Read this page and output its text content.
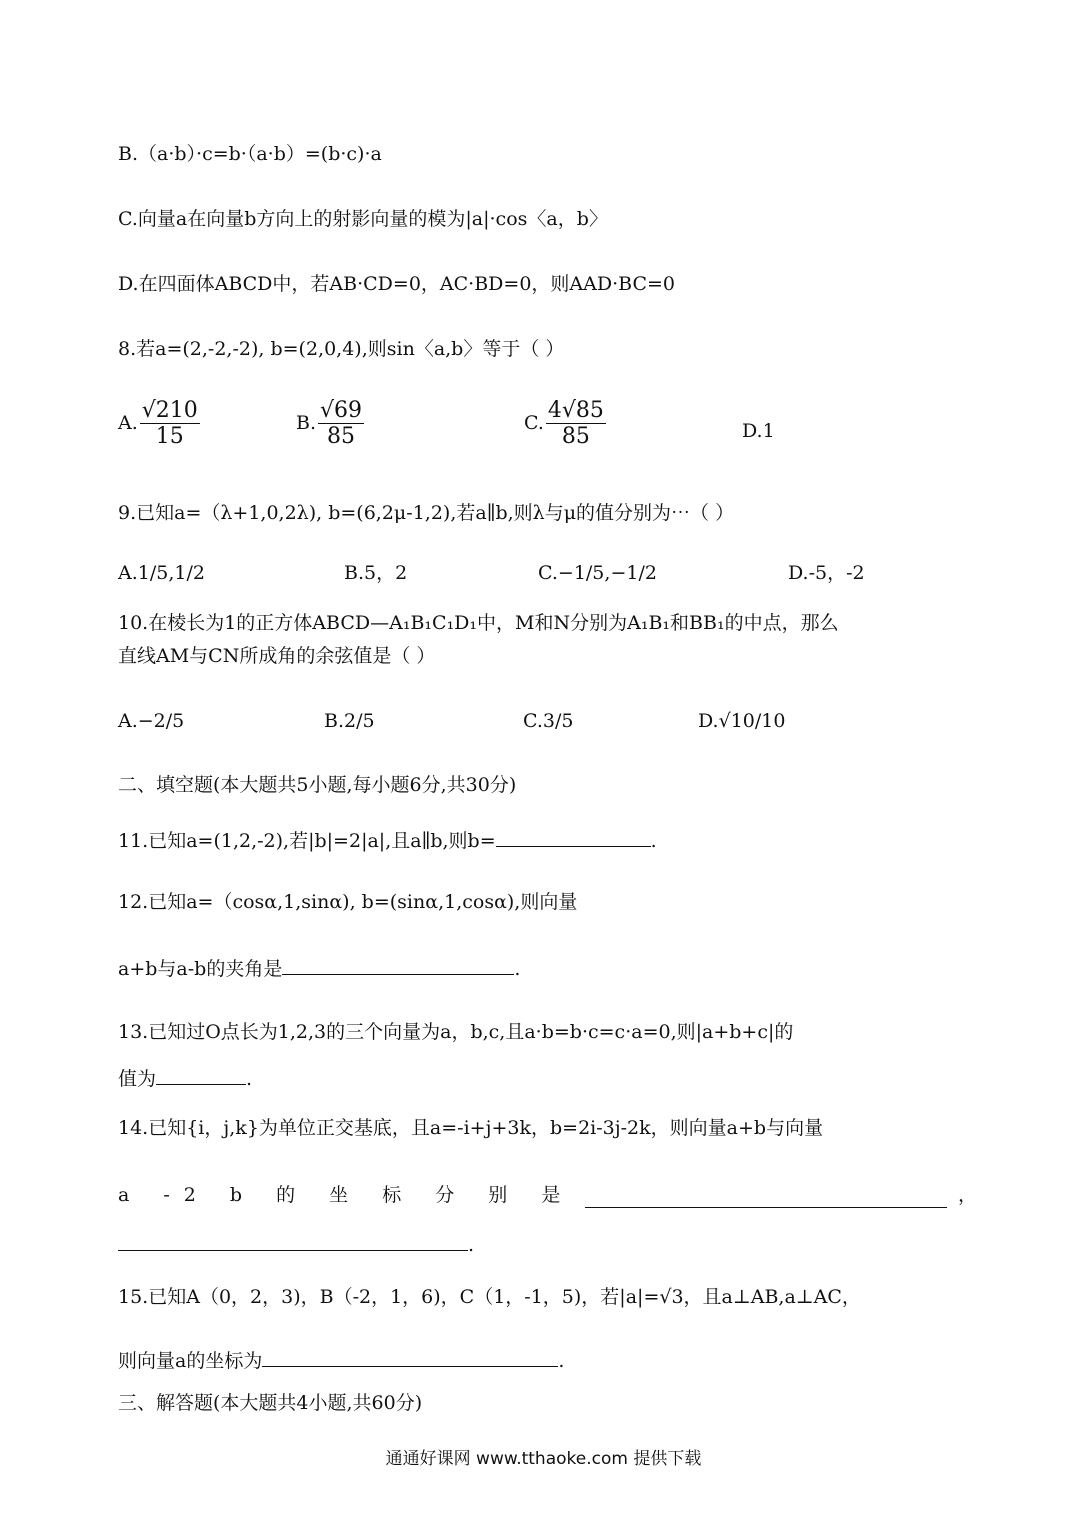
B.（a·b）·c=b·（a·b）=(b·c)·a
C.向量a在向量b方向上的射影向量的模为|a|·cos〈a，b〉
D.在四面体ABCD中，若AB·CD=0，AC·BD=0，则AAD·BC=0
8.若a=(2,-2,-2), b=(2,0,4),则sin〈a,b〉等于（ ）
A. $\frac{√210}{15}$	B. $\frac{√69}{85}$	C. $\frac{4√85}{85}$	D.1
9.已知a=（λ+1,0,2λ), b=(6,2μ-1,2),若a∥b,则λ与μ的值分别为⋯（ ）
A.1/5,1/2	B.5，2	C.−1/5,−1/2	D.-5，-2
10.在棱长为1的正方体ABCD—A₁B₁C₁D₁中，M和N分别为A₁B₁和BB₁的中点，那么
直线AM与CN所成角的余弦值是（ ）
A.−2/5	B.2/5	C.3/5	D.√10/10
二、填空题(本大题共5小题,每小题6分,共30分)
11.已知a=(1,2,-2),若|b|=2|a|,且a∥b,则b=	.
12.已知a=（cosα,1,sinα), b=(sinα,1,cosα),则向量
a+b与a-b的夹角是	.
13.已知过O点长为1,2,3的三个向量为a，b,c,且a·b=b·c=c·a=0,则|a+b+c|的
值为	.
14.已知{i，j,k}为单位正交基底，且a=-i+j+3k，b=2i-3j-2k，则向量a+b与向量
a -2 b 的 坐 标 分 别 是	，
.
15.已知A（0，2，3)，B（-2，1，6)，C（1，-1，5)，若|a|=√3，且a⊥AB,a⊥AC，
则向量a的坐标为	.
三、解答题(本大题共4小题,共60分)
通通好课网 www.tthaoke.com 提供下载
